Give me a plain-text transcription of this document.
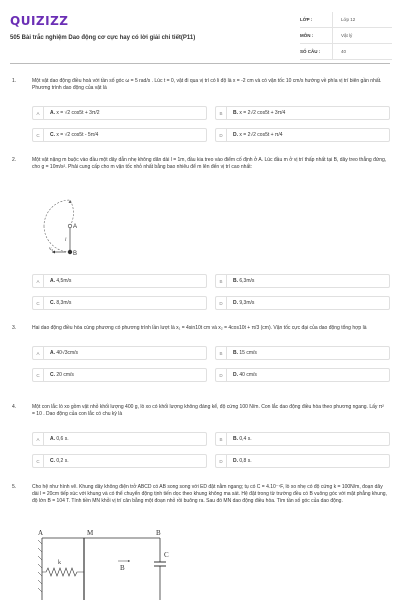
QUIZIZZ
505 Bài trắc nghiệm Dao động cơ cực hay có lời giải chi tiết(P11)
LỚP :	Lớp 12
MÔN :	Vật lý
SỐ CÂU :	40
1.	Một vật dao động điều hoà với tần số góc ω = 5 rad/s . Lúc t = 0, vật đi qua vị trí có li độ là x = -2 cm và có vận tốc 10 cm/s hướng về phía vị trí biên gần nhất. Phương trình dao động của vật là
A	A. x = √2 cos5t + 3π/2	B	B. x = 2√2 cos5t + 3π/4
C	C. x = √2 cos5t - 5π/4	D	D. x = 2√2 cos5t + π/4
2.	Một vật nặng m buộc vào đầu một dây dẫn nhẹ không dãn dài l = 1m, đầu kia treo vào điểm cố định ở A. Lúc đầu m ở vị trí thấp nhất tại B, dây treo thẳng đứng, cho g = 10m/s². Phải cung cấp cho m vận tốc nhỏ nhất bằng bao nhiêu để m lên đến vị trí cao nhất:
A
B
l
v₀
A	A. 4,5m/s	B	B. 6,3m/s
C	C. 8,3m/s	D	D. 9,3m/s
3.	Hai dao động điều hòa cùng phương có phương trình lần lượt là x₁ = 4sin10t cm và x₂ = 4cos10t + π/3 (cm). Vận tốc cực đại của dao động tổng hợp là
A	A. 40√3cm/s	B	B. 15 cm/s
C	C. 20 cm/s	D	D. 40 cm/s
4.	Một con lắc lò xo gồm vật nhỏ khối lượng 400 g, lò xo có khối lượng không đáng kể, độ cứng 100 N/m. Con lắc dao động điều hòa theo phương ngang. Lấy π² = 10 . Dao động của con lắc có chu kỳ là
A	A. 0,6 s.	B	B. 0,4 s.
C	C. 0,2 s.	D	D. 0,8 s.
5.	Cho hệ như hình vẽ. Khung dây không điện trở ABCD có AB song song với ED đặt nằm ngang; tụ có C = 4.10⁻⁷F, lò xo nhẹ có độ cứng k = 100N/m, đoạn dây dài l = 20cm tiếp xúc với khung và có thể chuyển động tịnh tiến dọc theo khung không ma sát. Hệ đặt trong từ trường đều có B vuông góc với mặt phẳng khung, độ lớn B = 104 T. Tính tiền MN khỏi vị trí cân bằng một đoạn nhỏ rồi buông ra. Sau đó MN dao động điều hòa. Tìm tần số góc của dao động.
A	M	B
k
B
C
